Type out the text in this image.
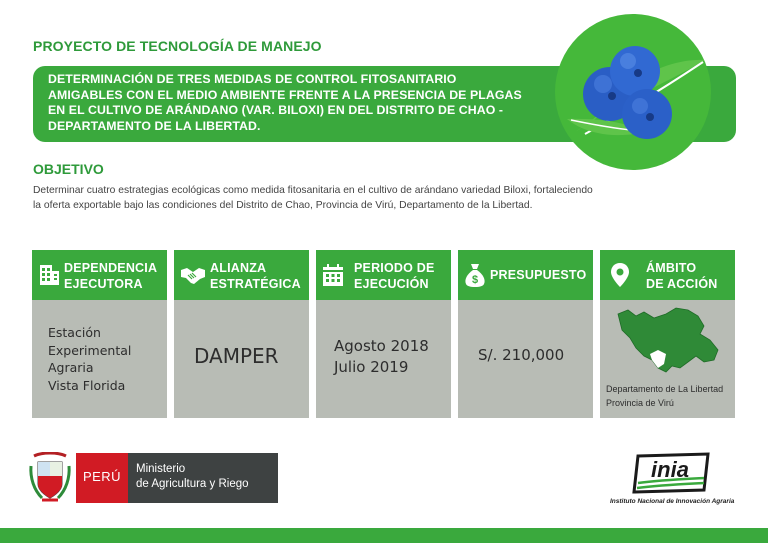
PROYECTO DE TECNOLOGÍA DE MANEJO
DETERMINACIÓN DE TRES MEDIDAS DE CONTROL FITOSANITARIO AMIGABLES CON EL MEDIO AMBIENTE FRENTE A LA PRESENCIA DE PLAGAS EN EL CULTIVO DE ARÁNDANO (VAR. BILOXI) EN DEL DISTRITO DE CHAO - DEPARTAMENTO DE LA LIBERTAD.
OBJETIVO
Determinar cuatro estrategias ecológicas como medida fitosanitaria en el cultivo de arándano variedad Biloxi, fortaleciendo la oferta exportable bajo las condiciones del Distrito de Chao, Provincia de Virú, Departamento de la Libertad.
DEPENDENCIA
EJECUTORA
Estación
Experimental
Agraria
Vista Florida
ALIANZA
ESTRATÉGICA
DAMPER
PERIODO DE
EJECUCIÓN
Agosto 2018
Julio 2019
$ PRESUPUESTO
S/. 210,000
ÁMBITO
DE ACCIÓN
Departamento de La Libertad
Provincia de Virú
REPÚBLICA DEL PERÚ
PERÚ	Ministerio
de Agricultura y Riego
inia
Instituto Nacional de Innovación Agraria
